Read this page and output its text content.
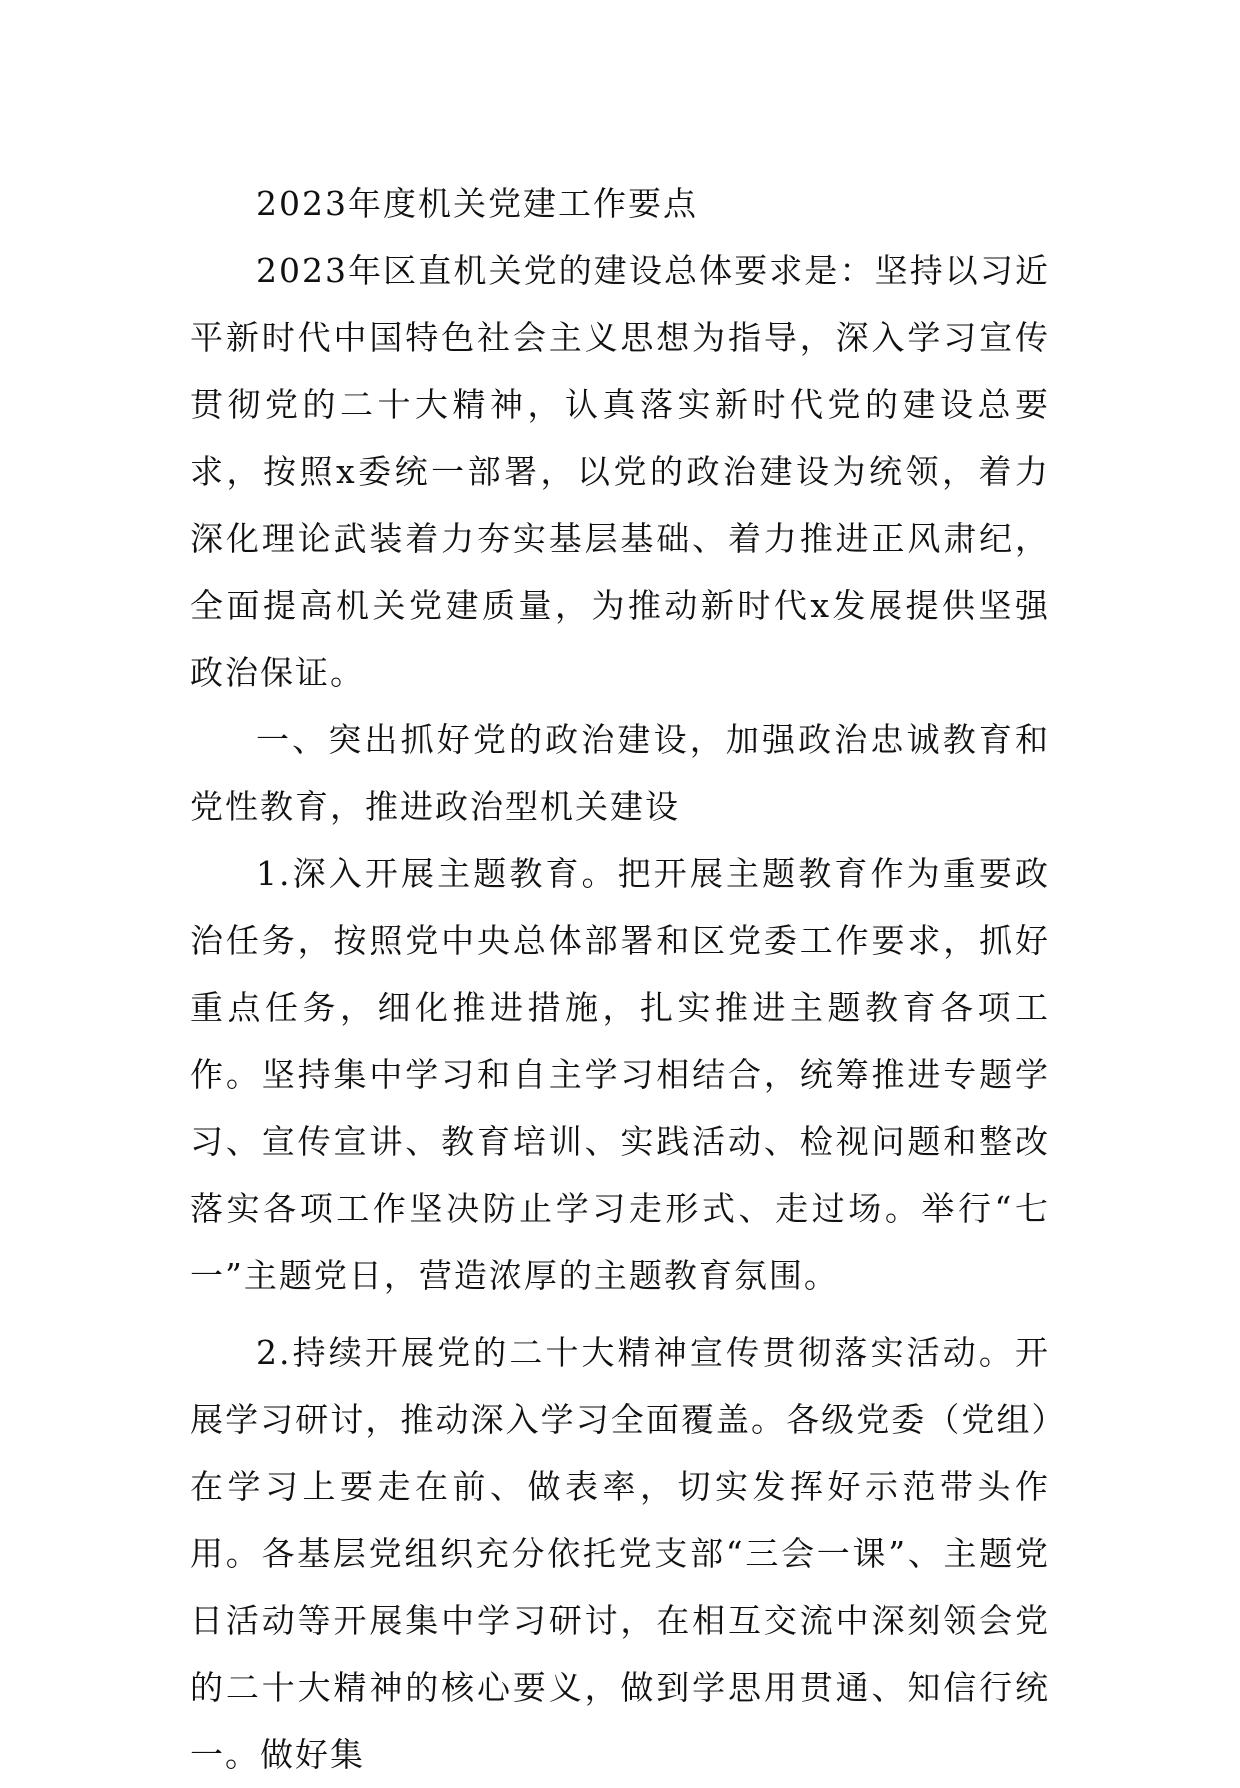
2023年度机关党建工作要点

2023年区直机关党的建设总体要求是：坚持以习近平新时代中国特色社会主义思想为指导，深入学习宣传贯彻党的二十大精神，认真落实新时代党的建设总要求，按照x委统一部署，以党的政治建设为统领，着力深化理论武装着力夯实基层基础、着力推进正风肃纪，全面提高机关党建质量，为推动新时代x发展提供坚强政治保证。

一、突出抓好党的政治建设，加强政治忠诚教育和党性教育，推进政治型机关建设

1.深入开展主题教育。把开展主题教育作为重要政治任务，按照党中央总体部署和区党委工作要求，抓好重点任务，细化推进措施，扎实推进主题教育各项工作。坚持集中学习和自主学习相结合，统筹推进专题学习、宣传宣讲、教育培训、实践活动、检视问题和整改落实各项工作坚决防止学习走形式、走过场。举行“七一”主题党日，营造浓厚的主题教育氛围。

2.持续开展党的二十大精神宣传贯彻落实活动。开展学习研讨，推动深入学习全面覆盖。各级党委（党组）在学习上要走在前、做表率，切实发挥好示范带头作用。各基层党组织充分依托党支部“三会一课”、主题党日活动等开展集中学习研讨，在相互交流中深刻领会党的二十大精神的核心要义，做到学思用贯通、知信行统一。做好集
